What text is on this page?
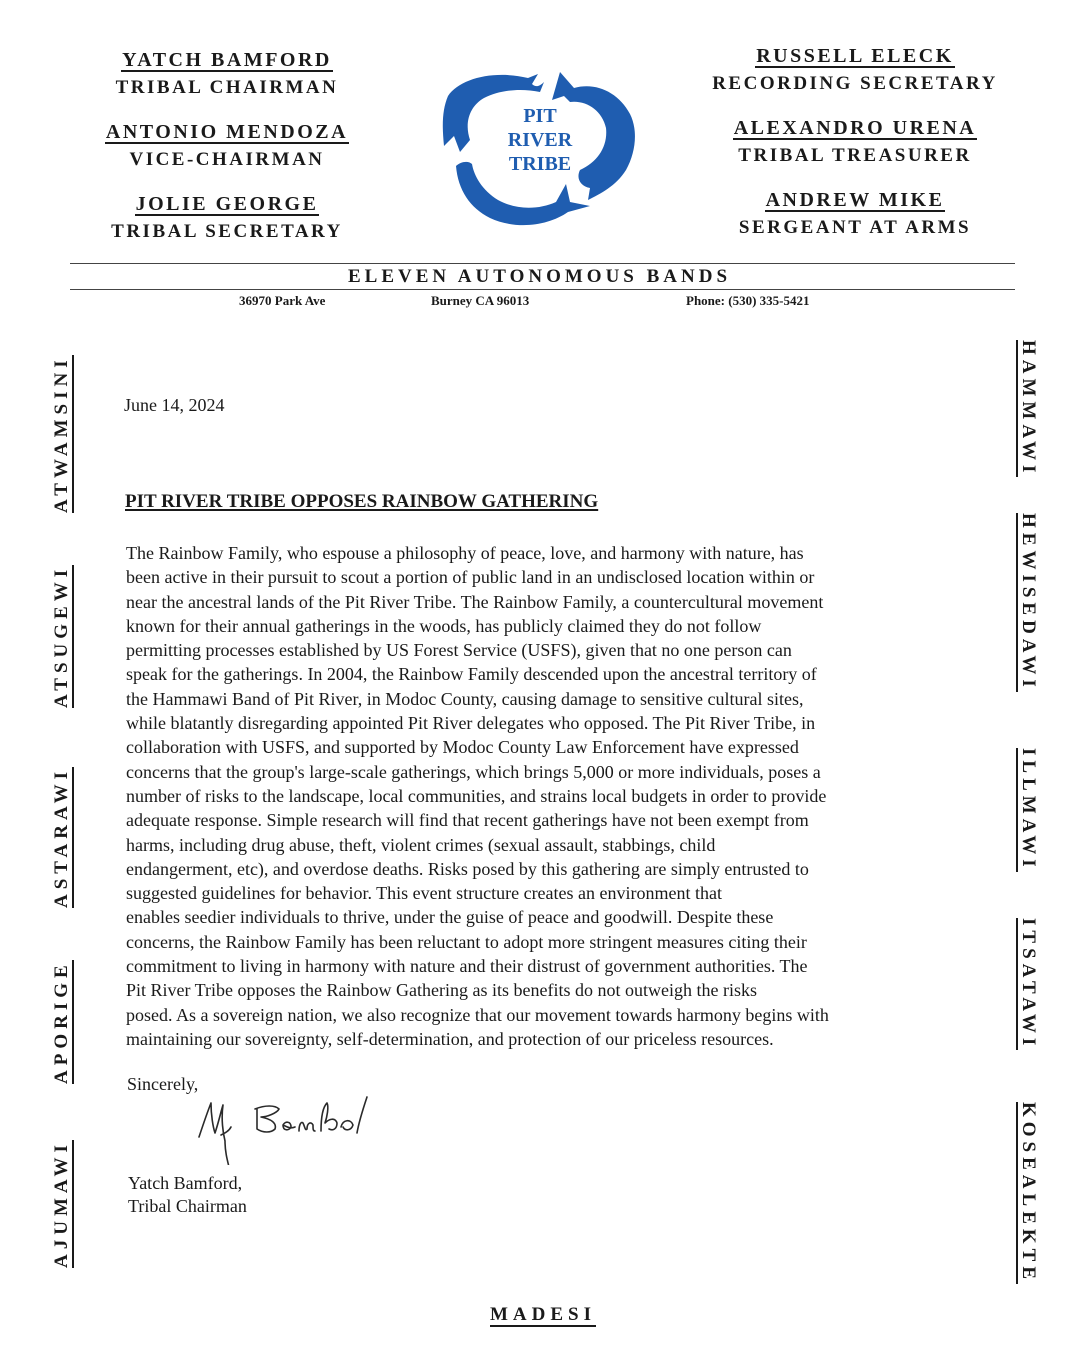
YATCH BAMFORD
TRIBAL CHAIRMAN
ANTONIO MENDOZA
VICE-CHAIRMAN
JOLIE GEORGE
TRIBAL SECRETARY
RUSSELL ELECK
RECORDING SECRETARY
ALEXANDRO URENA
TRIBAL TREASURER
ANDREW MIKE
SERGEANT AT ARMS
PIT
RIVER
TRIBE
ELEVEN AUTONOMOUS BANDS
36970 Park Ave	Burney CA 96013	Phone: (530) 335-5421
ATWAMSINI
ATSUGEWI
ASTARAWI
APORIGE
AJUMAWI
HAMMAWI
HEWISEDAWI
ILLMAWI
ITSATAWI
KOSEALEKTE
June 14, 2024
PIT RIVER TRIBE OPPOSES RAINBOW GATHERING
The Rainbow Family, who espouse a philosophy of peace, love, and harmony with nature, has
been active in their pursuit to scout a portion of public land in an undisclosed location within or
near the ancestral lands of the Pit River Tribe. The Rainbow Family, a countercultural movement
known for their annual gatherings in the woods, has publicly claimed they do not follow
permitting processes established by US Forest Service (USFS), given that no one person can
speak for the gatherings. In 2004, the Rainbow Family descended upon the ancestral territory of
the Hammawi Band of Pit River, in Modoc County, causing damage to sensitive cultural sites,
while blatantly disregarding appointed Pit River delegates who opposed. The Pit River Tribe, in
collaboration with USFS, and supported by Modoc County Law Enforcement have expressed
concerns that the group's large-scale gatherings, which brings 5,000 or more individuals, poses a
number of risks to the landscape, local communities, and strains local budgets in order to provide
adequate response. Simple research will find that recent gatherings have not been exempt from
harms, including drug abuse, theft, violent crimes (sexual assault, stabbings, child
endangerment, etc), and overdose deaths. Risks posed by this gathering are simply entrusted to
suggested guidelines for behavior. This event structure creates an environment that
enables seedier individuals to thrive, under the guise of peace and goodwill. Despite these
concerns, the Rainbow Family has been reluctant to adopt more stringent measures citing their
commitment to living in harmony with nature and their distrust of government authorities. The
Pit River Tribe opposes the Rainbow Gathering as its benefits do not outweigh the risks
posed. As a sovereign nation, we also recognize that our movement towards harmony begins with
maintaining our sovereignty, self-determination, and protection of our priceless resources.
Sincerely,
Yatch Bamford,
Tribal Chairman
MADESI
